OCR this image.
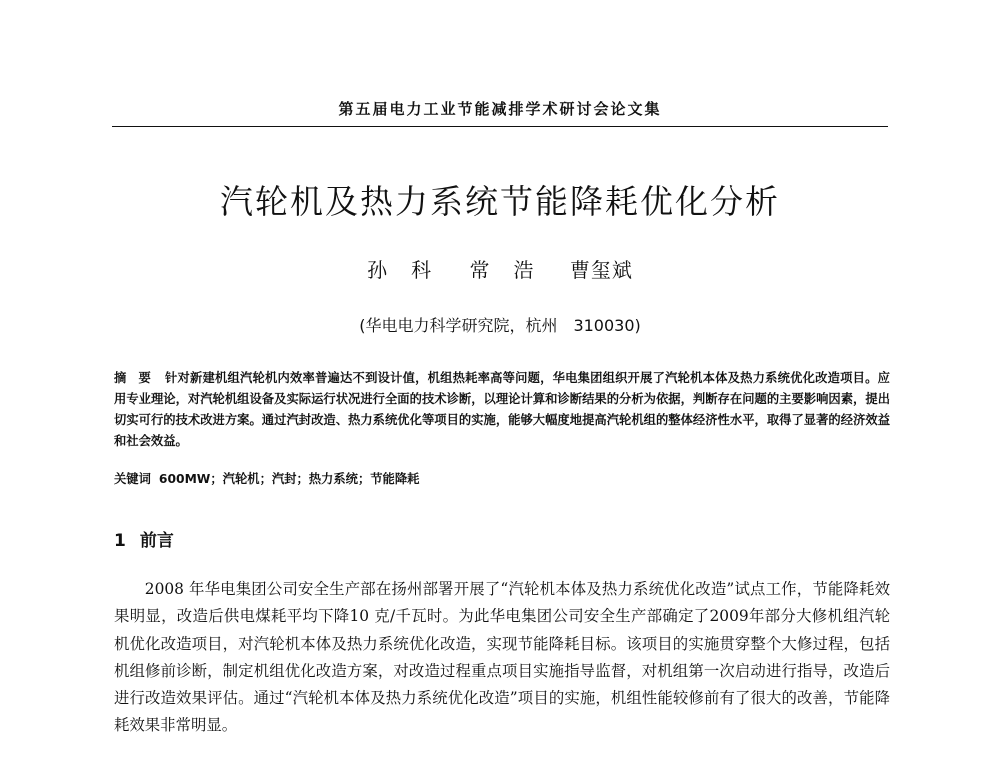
第五届电力工业节能减排学术研讨会论文集
汽轮机及热力系统节能降耗优化分析
孙科 常浩 曹玺斌
(华电电力科学研究院，杭州　310030)
摘要 针对新建机组汽轮机内效率普遍达不到设计值，机组热耗率高等问题，华电集团组织开展了汽轮机本体及热力系统优化改造项目。应用专业理论，对汽轮机组设备及实际运行状况进行全面的技术诊断，以理论计算和诊断结果的分析为依据，判断存在问题的主要影响因素，提出切实可行的技术改进方案。通过汽封改造、热力系统优化等项目的实施，能够大幅度地提高汽轮机组的整体经济性水平，取得了显著的经济效益和社会效益。
关键词 600MW；汽轮机；汽封；热力系统；节能降耗
1 前言
2008 年华电集团公司安全生产部在扬州部署开展了“汽轮机本体及热力系统优化改造”试点工作，节能降耗效果明显，改造后供电煤耗平均下降10 克/千瓦时。为此华电集团公司安全生产部确定了2009年部分大修机组汽轮机优化改造项目，对汽轮机本体及热力系统优化改造，实现节能降耗目标。该项目的实施贯穿整个大修过程，包括机组修前诊断，制定机组优化改造方案，对改造过程重点项目实施指导监督，对机组第一次启动进行指导，改造后进行改造效果评估。通过“汽轮机本体及热力系统优化改造”项目的实施，机组性能较修前有了很大的改善，节能降耗效果非常明显。
